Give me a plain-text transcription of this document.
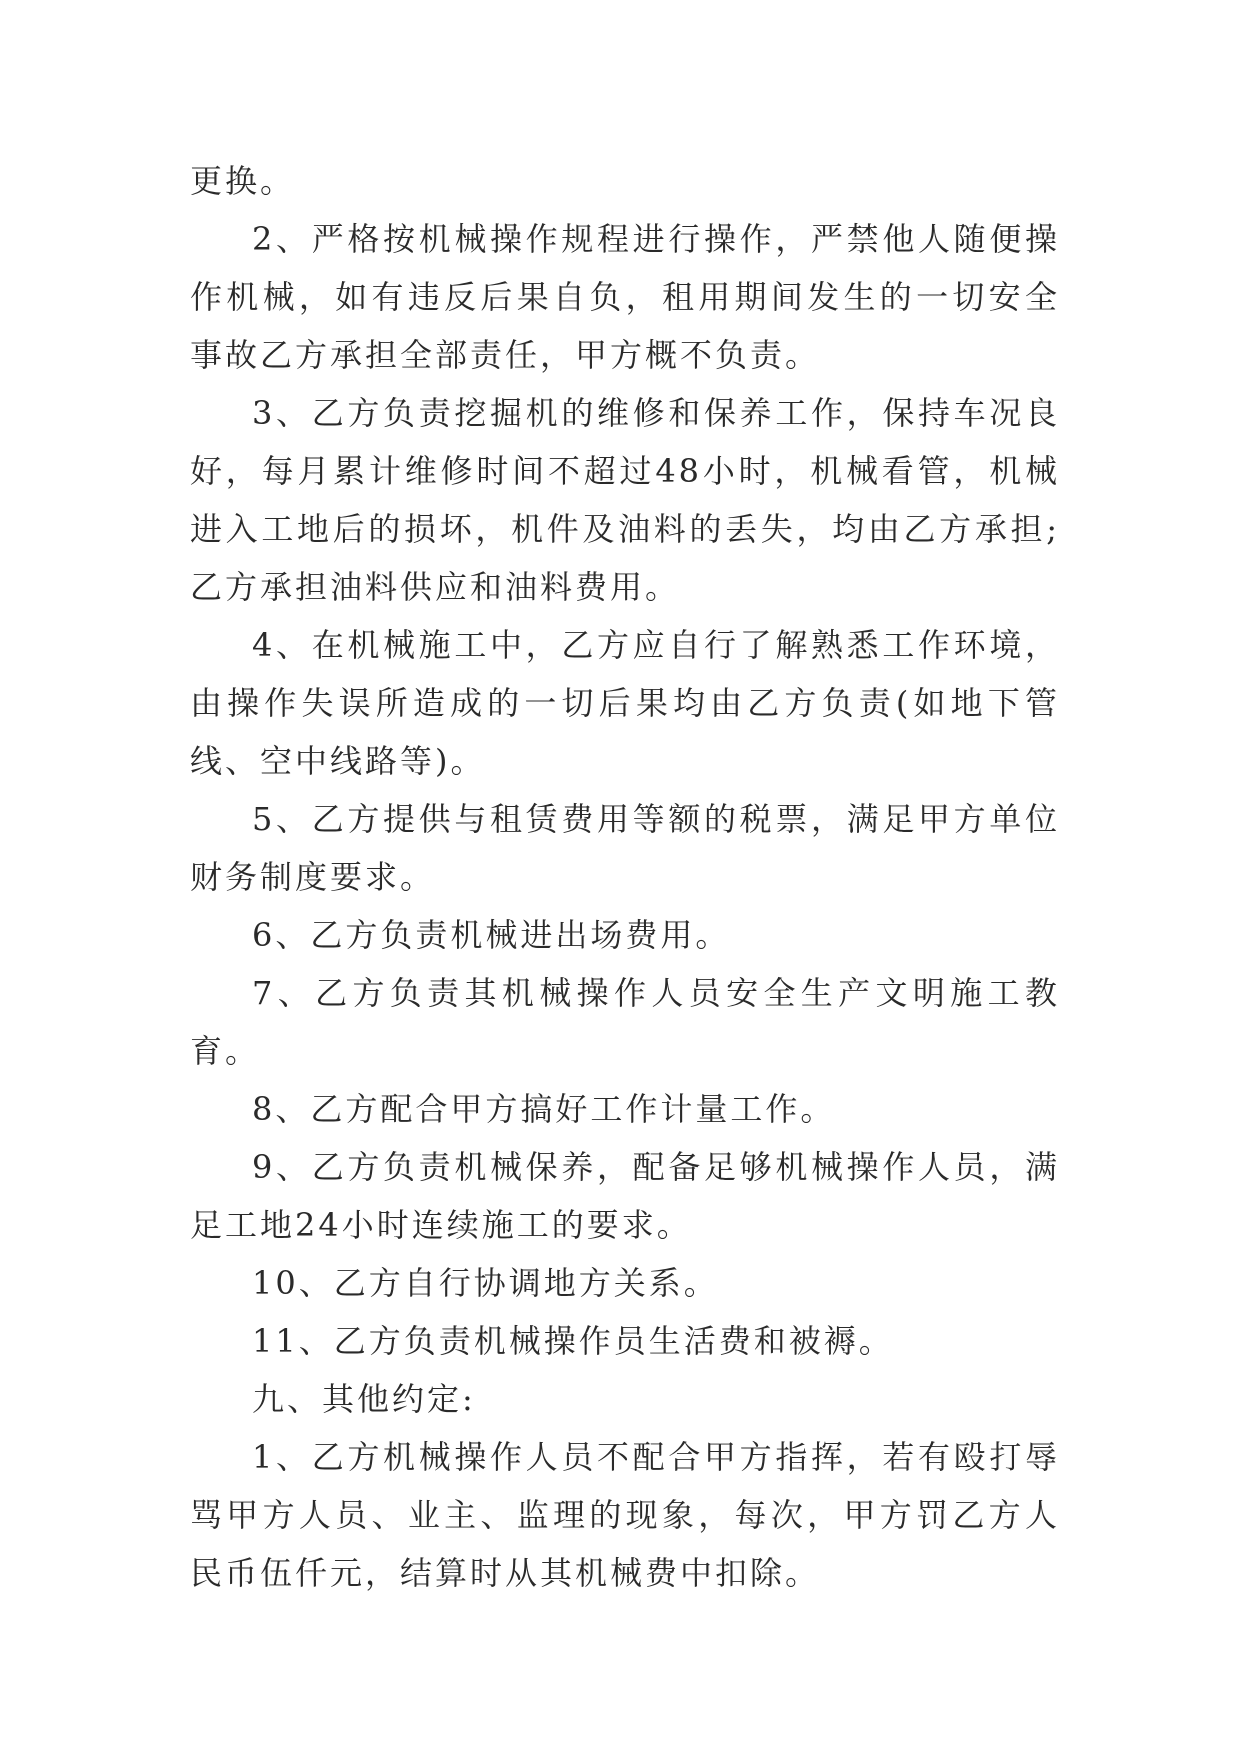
更换。

2、严格按机械操作规程进行操作，严禁他人随便操作机械，如有违反后果自负，租用期间发生的一切安全事故乙方承担全部责任，甲方概不负责。

3、乙方负责挖掘机的维修和保养工作，保持车况良好，每月累计维修时间不超过48小时，机械看管，机械进入工地后的损坏，机件及油料的丢失，均由乙方承担;乙方承担油料供应和油料费用。

4、在机械施工中，乙方应自行了解熟悉工作环境，由操作失误所造成的一切后果均由乙方负责(如地下管线、空中线路等)。

5、乙方提供与租赁费用等额的税票，满足甲方单位财务制度要求。

6、乙方负责机械进出场费用。

7、乙方负责其机械操作人员安全生产文明施工教育。

8、乙方配合甲方搞好工作计量工作。

9、乙方负责机械保养，配备足够机械操作人员，满足工地24小时连续施工的要求。

10、乙方自行协调地方关系。

11、乙方负责机械操作员生活费和被褥。

九、其他约定:

1、乙方机械操作人员不配合甲方指挥，若有殴打辱骂甲方人员、业主、监理的现象，每次，甲方罚乙方人民币伍仟元，结算时从其机械费中扣除。
